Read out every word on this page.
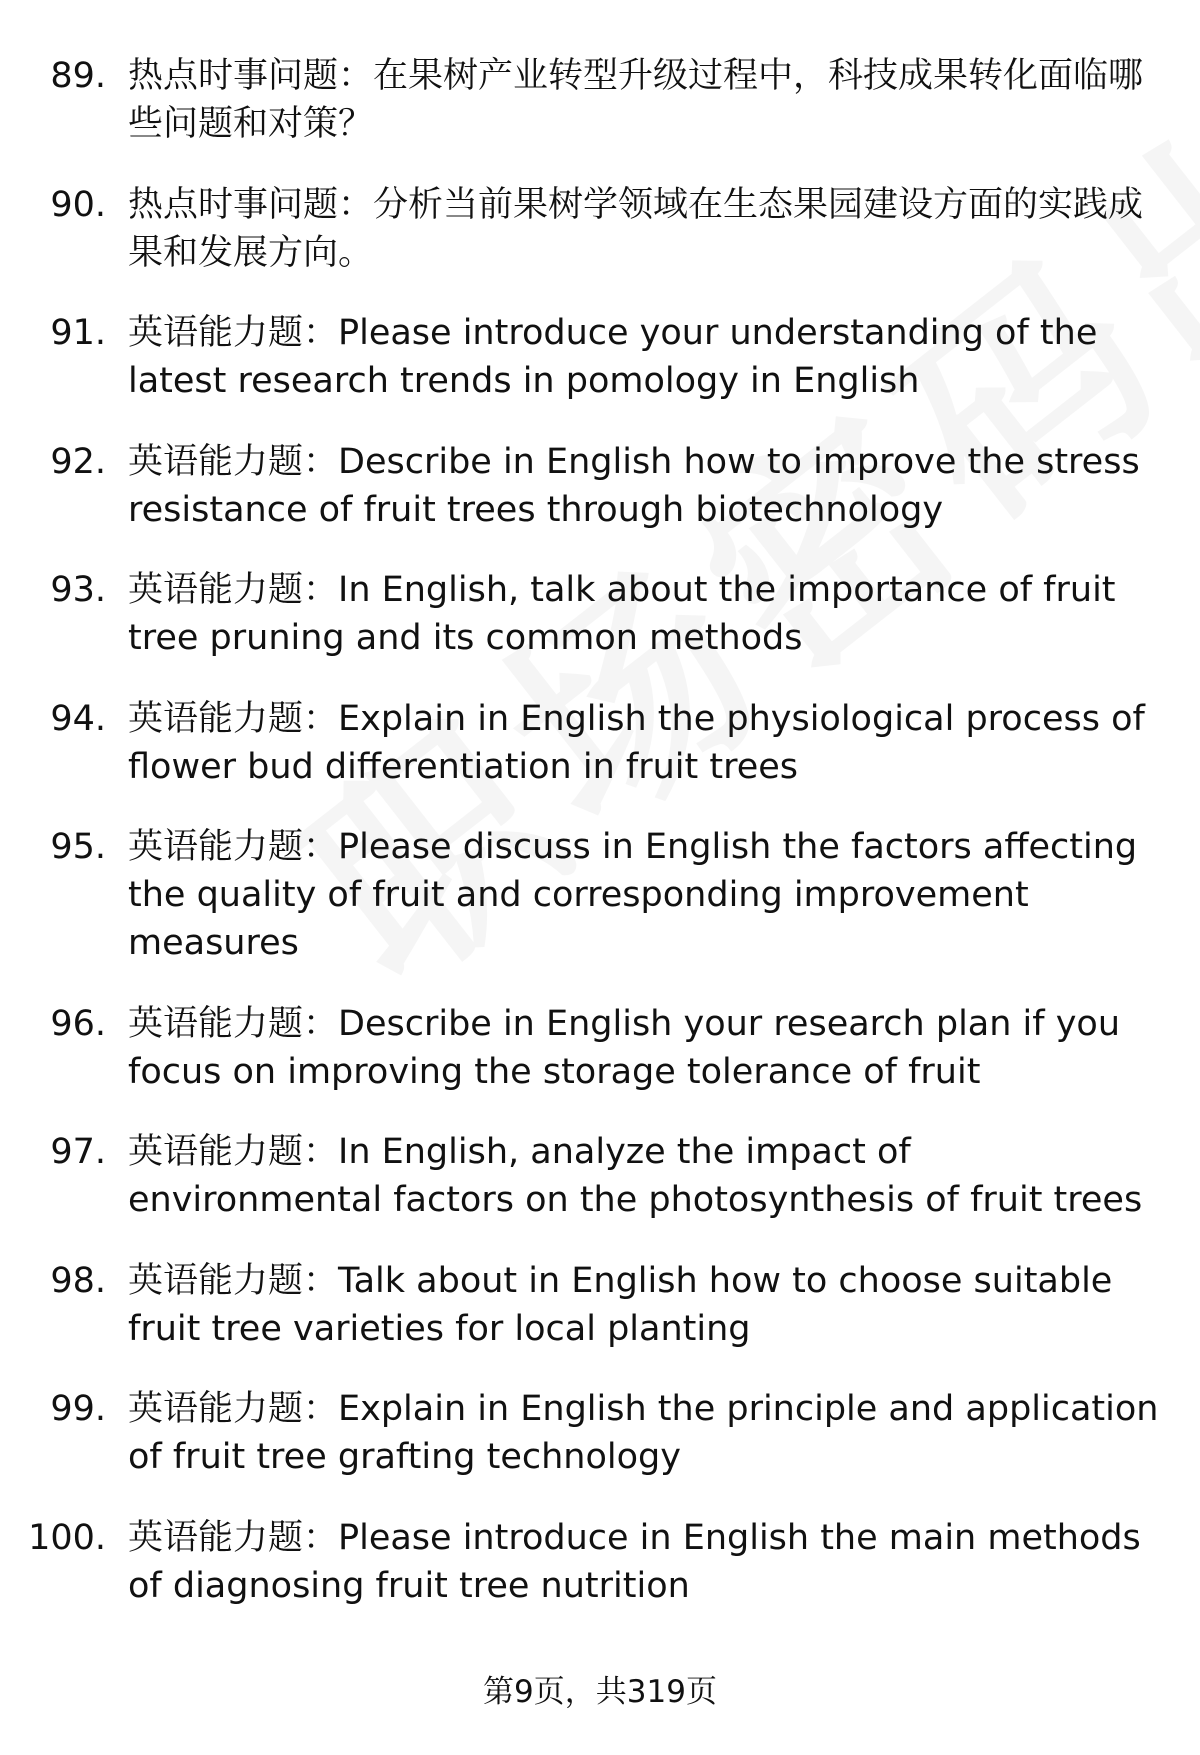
89. 热点时事问题：在果树产业转型升级过程中，科技成果转化面临哪些问题和对策？
90. 热点时事问题：分析当前果树学领域在生态果园建设方面的实践成果和发展方向。
91. 英语能力题：Please introduce your understanding of the latest research trends in pomology in English
92. 英语能力题：Describe in English how to improve the stress resistance of fruit trees through biotechnology
93. 英语能力题：In English, talk about the importance of fruit tree pruning and its common methods
94. 英语能力题：Explain in English the physiological process of flower bud differentiation in fruit trees
95. 英语能力题：Please discuss in English the factors affecting the quality of fruit and corresponding improvement measures
96. 英语能力题：Describe in English your research plan if you focus on improving the storage tolerance of fruit
97. 英语能力题：In English, analyze the impact of environmental factors on the photosynthesis of fruit trees
98. 英语能力题：Talk about in English how to choose suitable fruit tree varieties for local planting
99. 英语能力题：Explain in English the principle and application of fruit tree grafting technology
100. 英语能力题：Please introduce in English the main methods of diagnosing fruit tree nutrition
第9页，共319页
